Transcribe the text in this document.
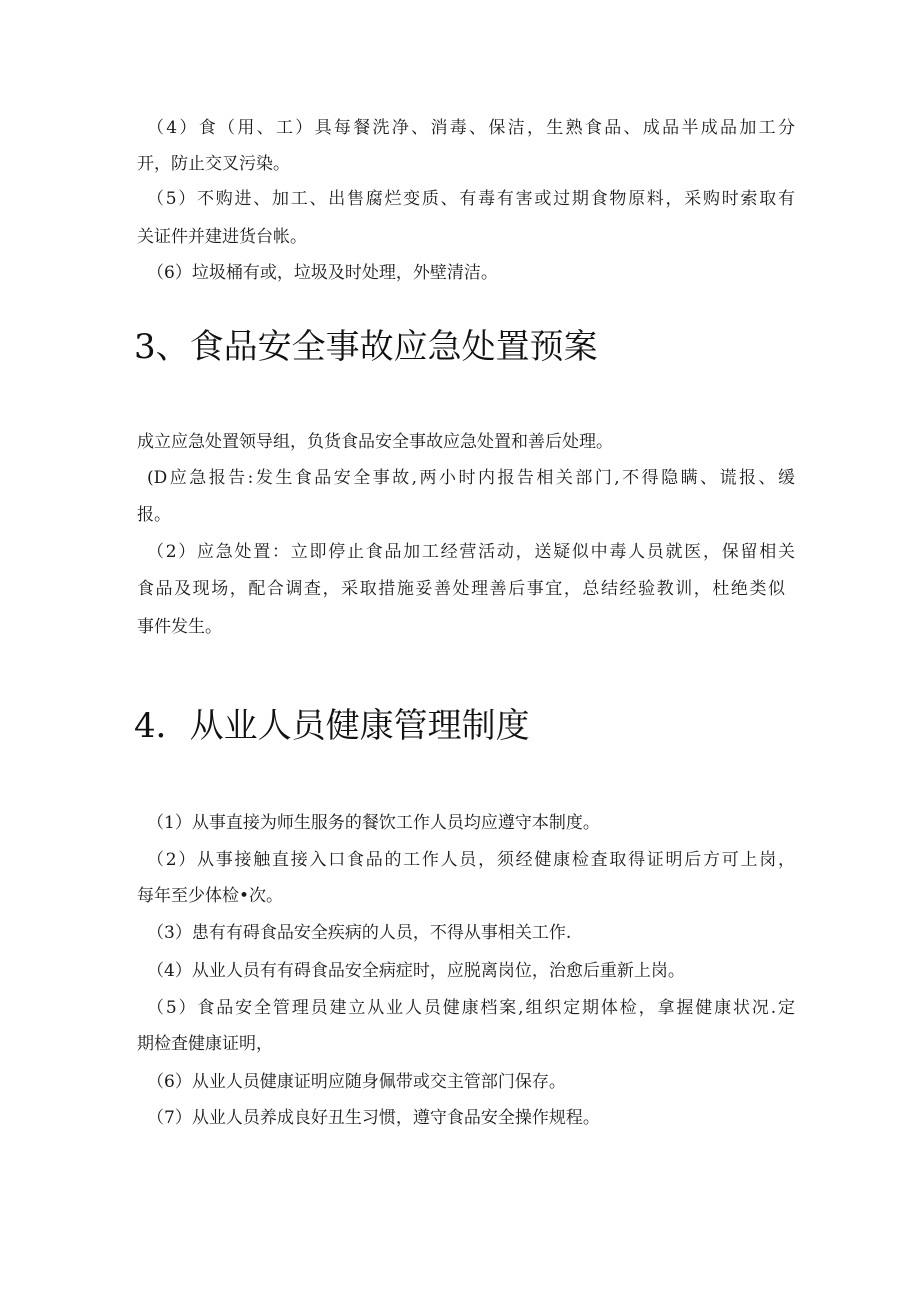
（4）食（用、工）具每餐洗净、消毒、保洁，生熟食品、成品半成品加工分
开，防止交叉污染。
（5）不购进、加工、出售腐烂变质、有毒有害或过期食物原料，采购时索取有
关证件并建进货台帐。
（6）垃圾桶有或，垃圾及时处理，外壁清洁。
3、食品安全事故应急处置预案
成立应急处置领导组，负货食品安全事故应急处置和善后处理。
(D应急报告:发生食品安全事故,两小时内报告相关部门,不得隐瞒、谎报、缓
报。
（2）应急处置：立即停止食品加工经营活动，送疑似中毒人员就医，保留相关
食品及现场，配合调查，采取措施妥善处理善后事宜，总结经验教训，杜绝类似
事件发生。
4．从业人员健康管理制度
（1）从事直接为师生服务的餐饮工作人员均应遵守本制度。
（2）从事接触直接入口食品的工作人员，须经健康检査取得证明后方可上岗，
每年至少体检•次。
（3）患有有碍食品安全疾病的人员，不得从事相关工作.
（4）从业人员有有碍食品安全病症时，应脱离岗位，治愈后重新上岗。
（5）食品安全管理员建立从业人员健康档案,组织定期体检，拿握健康状况.定
期检査健康证明，
（6）从业人员健康证明应随身佩带或交主管部门保存。
（7）从业人员养成良好丑生习惯，遵守食品安全操作规程。
